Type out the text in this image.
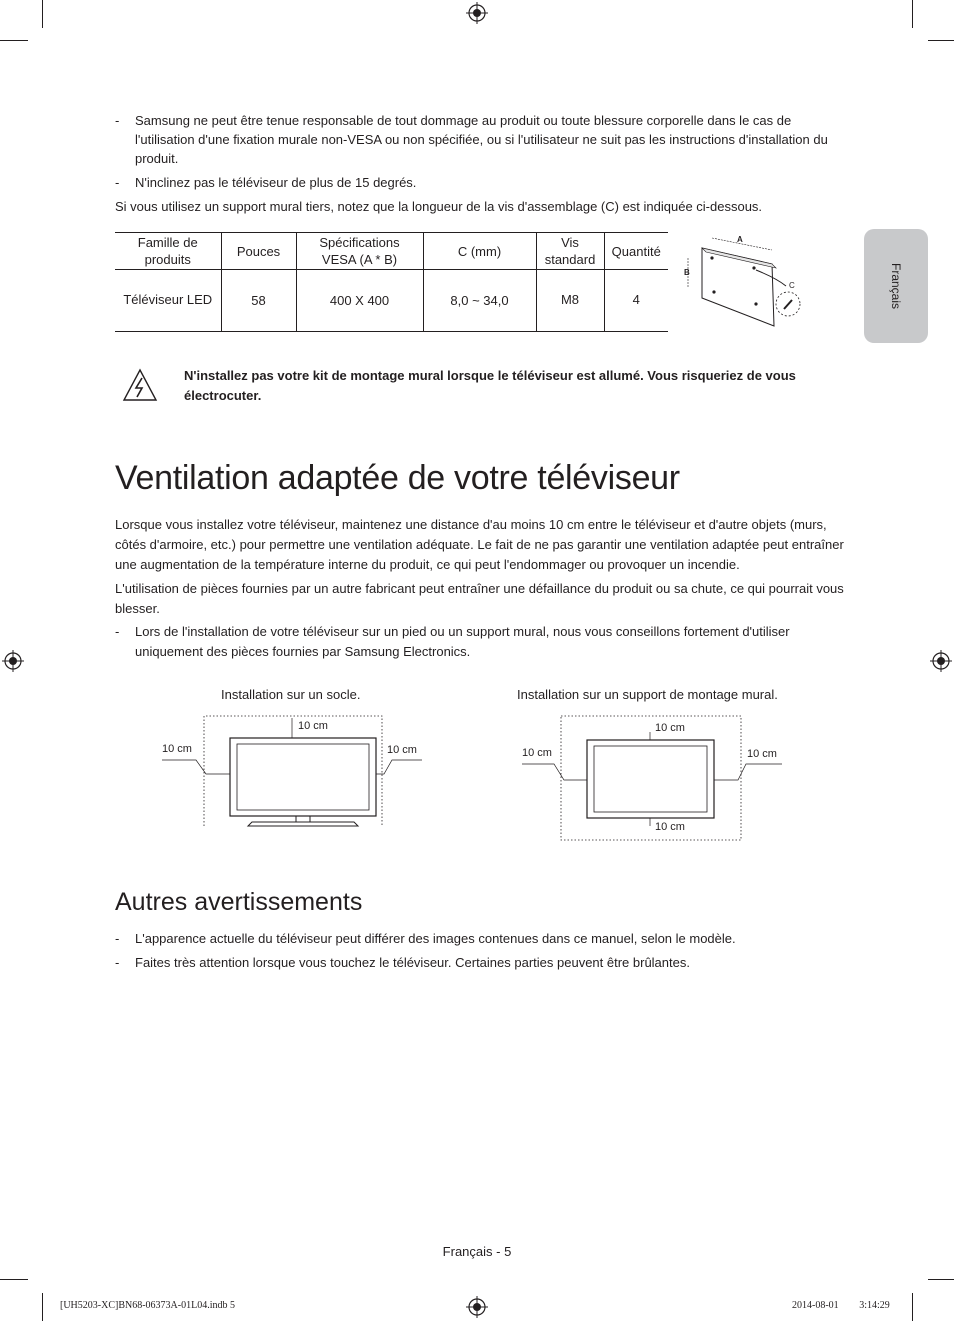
Français
-	Samsung ne peut être tenue responsable de tout dommage au produit ou toute blessure corporelle dans le cas de l'utilisation d'une fixation murale non-VESA ou non spécifiée, ou si l'utilisateur ne suit pas les instructions d'installation du produit.
-	N'inclinez pas le téléviseur de plus de 15 degrés.
Si vous utilisez un support mural tiers, notez que la longueur de la vis d'assemblage (C) est indiquée ci-dessous.
Famille de produits	Pouces	Spécifications VESA (A * B)	C (mm)	Vis standard	Quantité
Téléviseur LED	58	400 X 400	8,0 ~ 34,0	M8	4
A
B
C
N'installez pas votre kit de montage mural lorsque le téléviseur est allumé. Vous risqueriez de vous électrocuter.
Ventilation adaptée de votre téléviseur
Lorsque vous installez votre téléviseur, maintenez une distance d'au moins 10 cm entre le téléviseur et d'autre objets (murs, côtés d'armoire, etc.) pour permettre une ventilation adéquate. Le fait de ne pas garantir une ventilation adaptée peut entraîner une augmentation de la température interne du produit, ce qui peut l'endommager ou provoquer un incendie.
L'utilisation de pièces fournies par un autre fabricant peut entraîner une défaillance du produit ou sa chute, ce qui pourrait vous blesser.
-	Lors de l'installation de votre téléviseur sur un pied ou un support mural, nous vous conseillons fortement d'utiliser uniquement des pièces fournies par Samsung Electronics.
Installation sur un socle.
10 cm
10 cm	10 cm
Installation sur un support de montage mural.
10 cm
10 cm	10 cm
10 cm
Autres avertissements
-	L'apparence actuelle du téléviseur peut différer des images contenues dans ce manuel, selon le modèle.
-	Faites très attention lorsque vous touchez le téléviseur. Certaines parties peuvent être brûlantes.
Français - 5
[UH5203-XC]BN68-06373A-01L04.indb 5	2014-08-01 ￿￿ 3:14:29
